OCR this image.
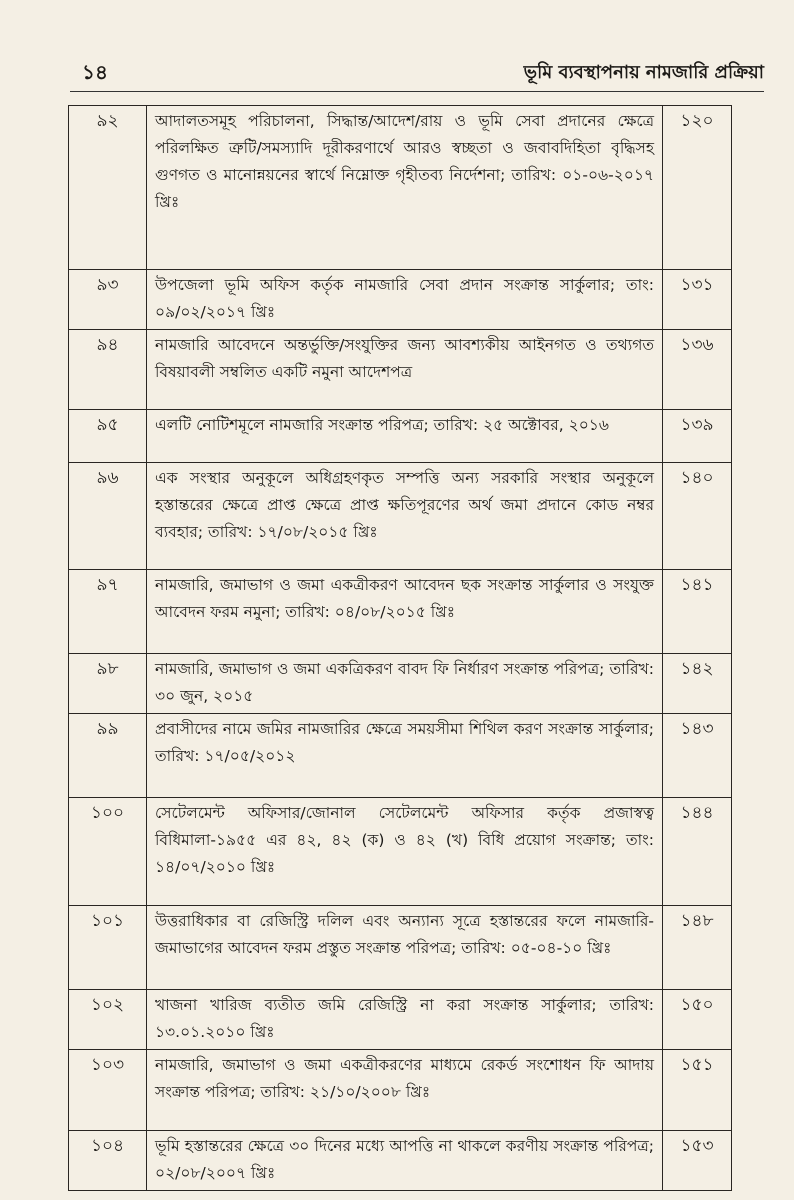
১৪	ভূমি ব্যবস্থাপনায় নামজারি প্রক্রিয়া
৯২	আদালতসমূহ পরিচালনা, সিদ্ধান্ত/আদেশ/রায় ও ভূমি সেবা প্রদানের ক্ষেত্রে পরিলক্ষিত ত্রুটি/সমস্যাদি দূরীকরণার্থে আরও স্বচ্ছতা ও জবাবদিহিতা বৃদ্ধিসহ গুণগত ও মানোন্নয়নের স্বার্থে নিম্নোক্ত গৃহীতব্য নির্দেশনা; তারিখ: ০১-০৬-২০১৭ খ্রিঃ	১২০
৯৩	উপজেলা ভূমি অফিস কর্তৃক নামজারি সেবা প্রদান সংক্রান্ত সার্কুলার; তাং: ০৯/০২/২০১৭ খ্রিঃ	১৩১
৯৪	নামজারি আবেদনে অন্তর্ভুক্তি/সংযুক্তির জন্য আবশ্যকীয় আইনগত ও তথ্যগত বিষয়াবলী সম্বলিত একটি নমুনা আদেশপত্র	১৩৬
৯৫	এলটি নোটিশমূলে নামজারি সংক্রান্ত পরিপত্র; তারিখ: ২৫ অক্টোবর, ২০১৬	১৩৯
৯৬	এক সংস্থার অনুকূলে অধিগ্রহণকৃত সম্পত্তি অন্য সরকারি সংস্থার অনুকূলে হস্তান্তরের ক্ষেত্রে প্রাপ্ত ক্ষেত্রে প্রাপ্ত ক্ষতিপূরণের অর্থ জমা প্রদানে কোড নম্বর ব্যবহার; তারিখ: ১৭/০৮/২০১৫ খ্রিঃ	১৪০
৯৭	নামজারি, জমাভাগ ও জমা একত্রীকরণ আবেদন ছক সংক্রান্ত সার্কুলার ও সংযুক্ত আবেদন ফরম নমুনা; তারিখ: ০৪/০৮/২০১৫ খ্রিঃ	১৪১
৯৮	নামজারি, জমাভাগ ও জমা একত্রিকরণ বাবদ ফি নির্ধারণ সংক্রান্ত পরিপত্র; তারিখ: ৩০ জুন, ২০১৫	১৪২
৯৯	প্রবাসীদের নামে জমির নামজারির ক্ষেত্রে সময়সীমা শিথিল করণ সংক্রান্ত সার্কুলার; তারিখ: ১৭/০৫/২০১২	১৪৩
১০০	সেটেলমেন্ট অফিসার/জোনাল সেটেলমেন্ট অফিসার কর্তৃক প্রজাস্বত্ব বিধিমালা-১৯৫৫ এর ৪২, ৪২ (ক) ও ৪২ (খ) বিধি প্রয়োগ সংক্রান্ত; তাং: ১৪/০৭/২০১০ খ্রিঃ	১৪৪
১০১	উত্তরাধিকার বা রেজিস্ট্রি দলিল এবং অন্যান্য সূত্রে হস্তান্তরের ফলে নামজারি-জমাভাগের আবেদন ফরম প্রস্তুত সংক্রান্ত পরিপত্র; তারিখ: ০৫-০৪-১০ খ্রিঃ	১৪৮
১০২	খাজনা খারিজ ব্যতীত জমি রেজিস্ট্রি না করা সংক্রান্ত সার্কুলার; তারিখ: ১৩.০১.২০১০ খ্রিঃ	১৫০
১০৩	নামজারি, জমাভাগ ও জমা একত্রীকরণের মাধ্যমে রেকর্ড সংশোধন ফি আদায় সংক্রান্ত পরিপত্র; তারিখ: ২১/১০/২০০৮ খ্রিঃ	১৫১
১০৪	ভূমি হস্তান্তরের ক্ষেত্রে ৩০ দিনের মধ্যে আপত্তি না থাকলে করণীয় সংক্রান্ত পরিপত্র; ০২/০৮/২০০৭ খ্রিঃ	১৫৩
